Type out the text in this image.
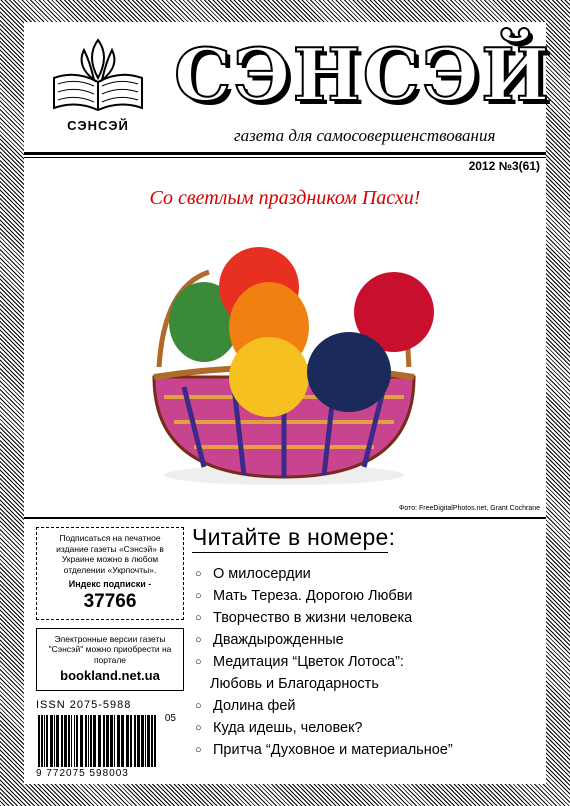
СЭНСЭЙ
СЭНСЭЙ
газета для самосовершенствования
2012 №3(61)
Со светлым праздником Пасхи!
Фото: FreeDigitalPhotos.net, Grant Cochrane
Подписаться на печатное издание газеты «Сэнсэй» в Украине можно в любом отделении «Укрпочты».
Индекс подписки -
37766
Электронные версии газеты "Сэнсэй" можно приобрести на портале
bookland.net.ua
ISSN 2075-5988
9 772075 598003
05
Читайте в номере:
○ О милосердии
○ Мать Тереза. Дорогою Любви
○ Творчество в жизни человека
○ Дваждырожденные
○ Медитация “Цветок Лотоса”:
Любовь и Благодарность
○ Долина фей
○ Куда идешь, человек?
○ Притча “Духовное и материальное”
